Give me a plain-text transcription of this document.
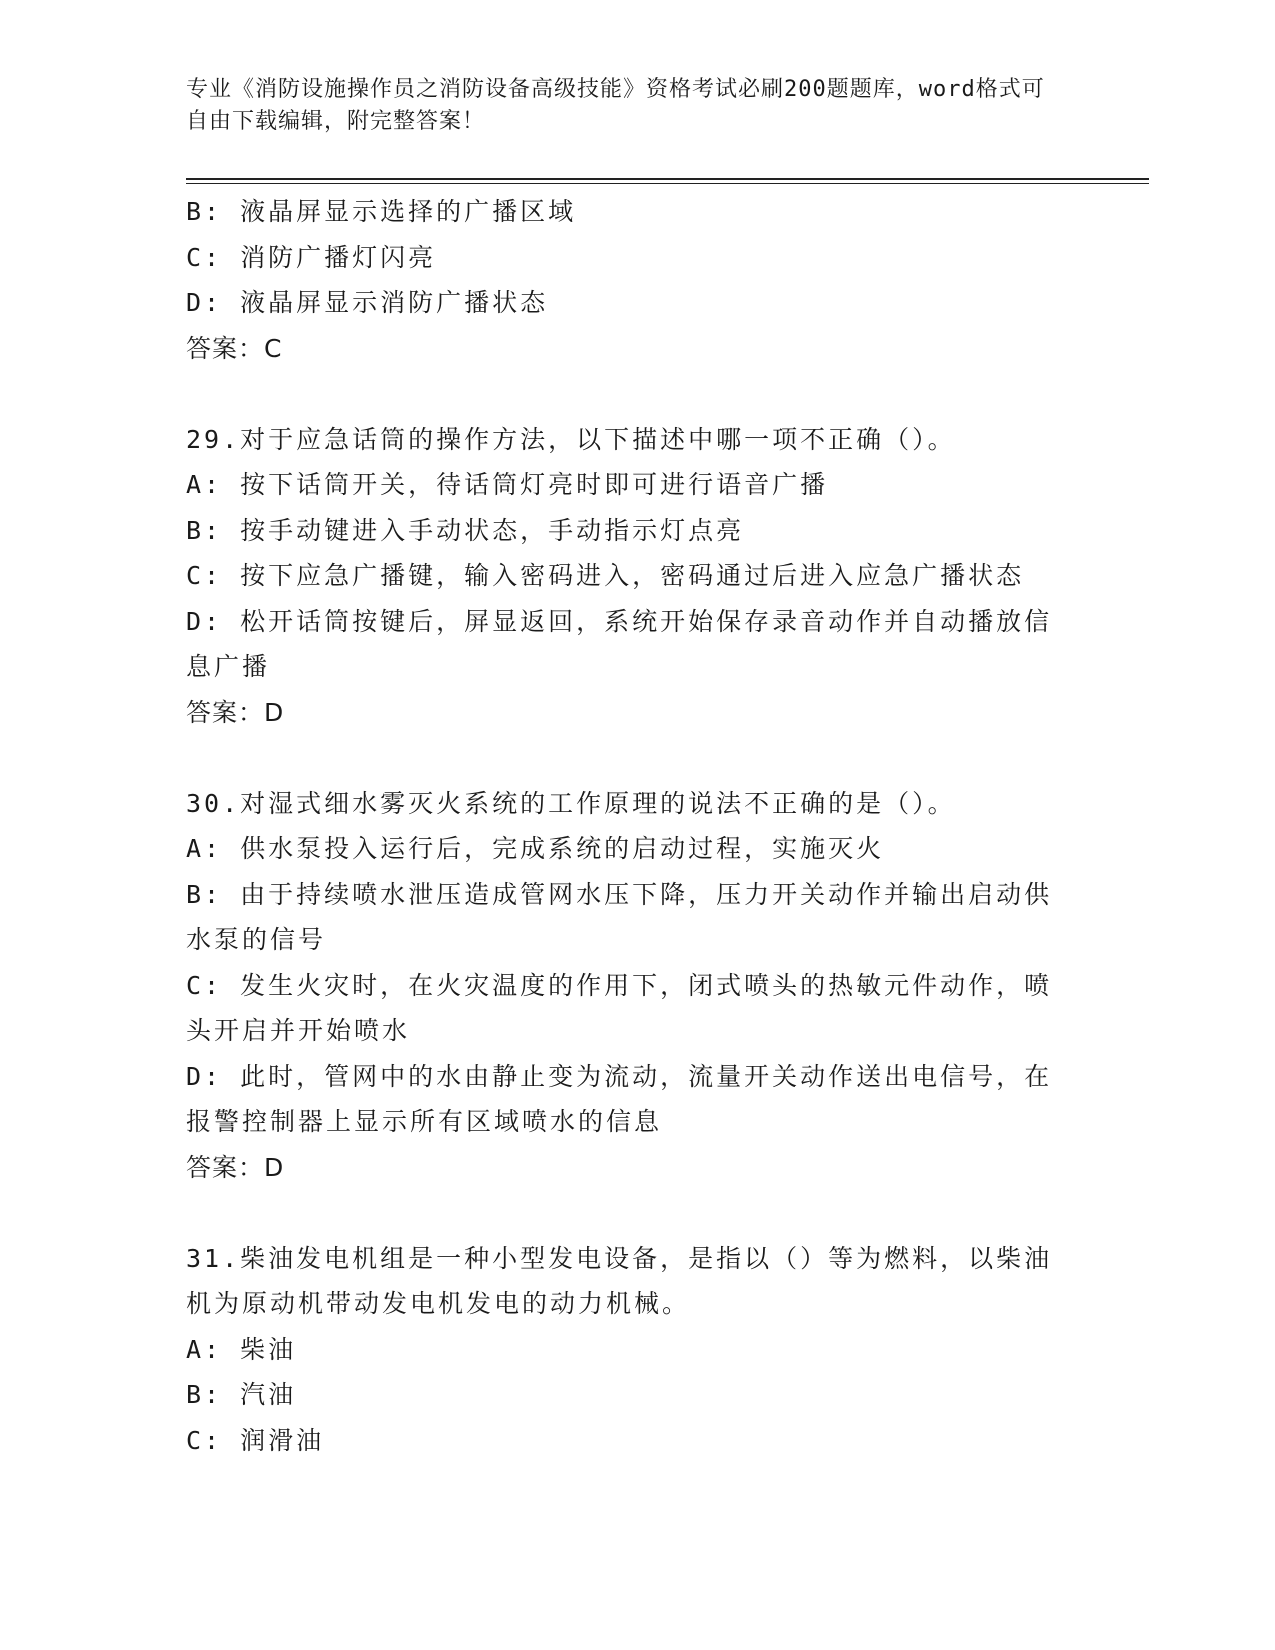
专业《消防设施操作员之消防设备高级技能》资格考试必刷200题题库，word格式可自由下载编辑，附完整答案！
B: 液晶屏显示选择的广播区域
C: 消防广播灯闪亮
D: 液晶屏显示消防广播状态
答案：C
29.对于应急话筒的操作方法，以下描述中哪一项不正确（）。
A: 按下话筒开关，待话筒灯亮时即可进行语音广播
B: 按手动键进入手动状态，手动指示灯点亮
C: 按下应急广播键，输入密码进入，密码通过后进入应急广播状态
D: 松开话筒按键后，屏显返回，系统开始保存录音动作并自动播放信
息广播
答案：D
30.对湿式细水雾灭火系统的工作原理的说法不正确的是（）。
A: 供水泵投入运行后，完成系统的启动过程，实施灭火
B: 由于持续喷水泄压造成管网水压下降，压力开关动作并输出启动供
水泵的信号
C: 发生火灾时，在火灾温度的作用下，闭式喷头的热敏元件动作，喷
头开启并开始喷水
D: 此时，管网中的水由静止变为流动，流量开关动作送出电信号，在
报警控制器上显示所有区域喷水的信息
答案：D
31.柴油发电机组是一种小型发电设备，是指以（）等为燃料，以柴油
机为原动机带动发电机发电的动力机械。
A: 柴油
B: 汽油
C: 润滑油
